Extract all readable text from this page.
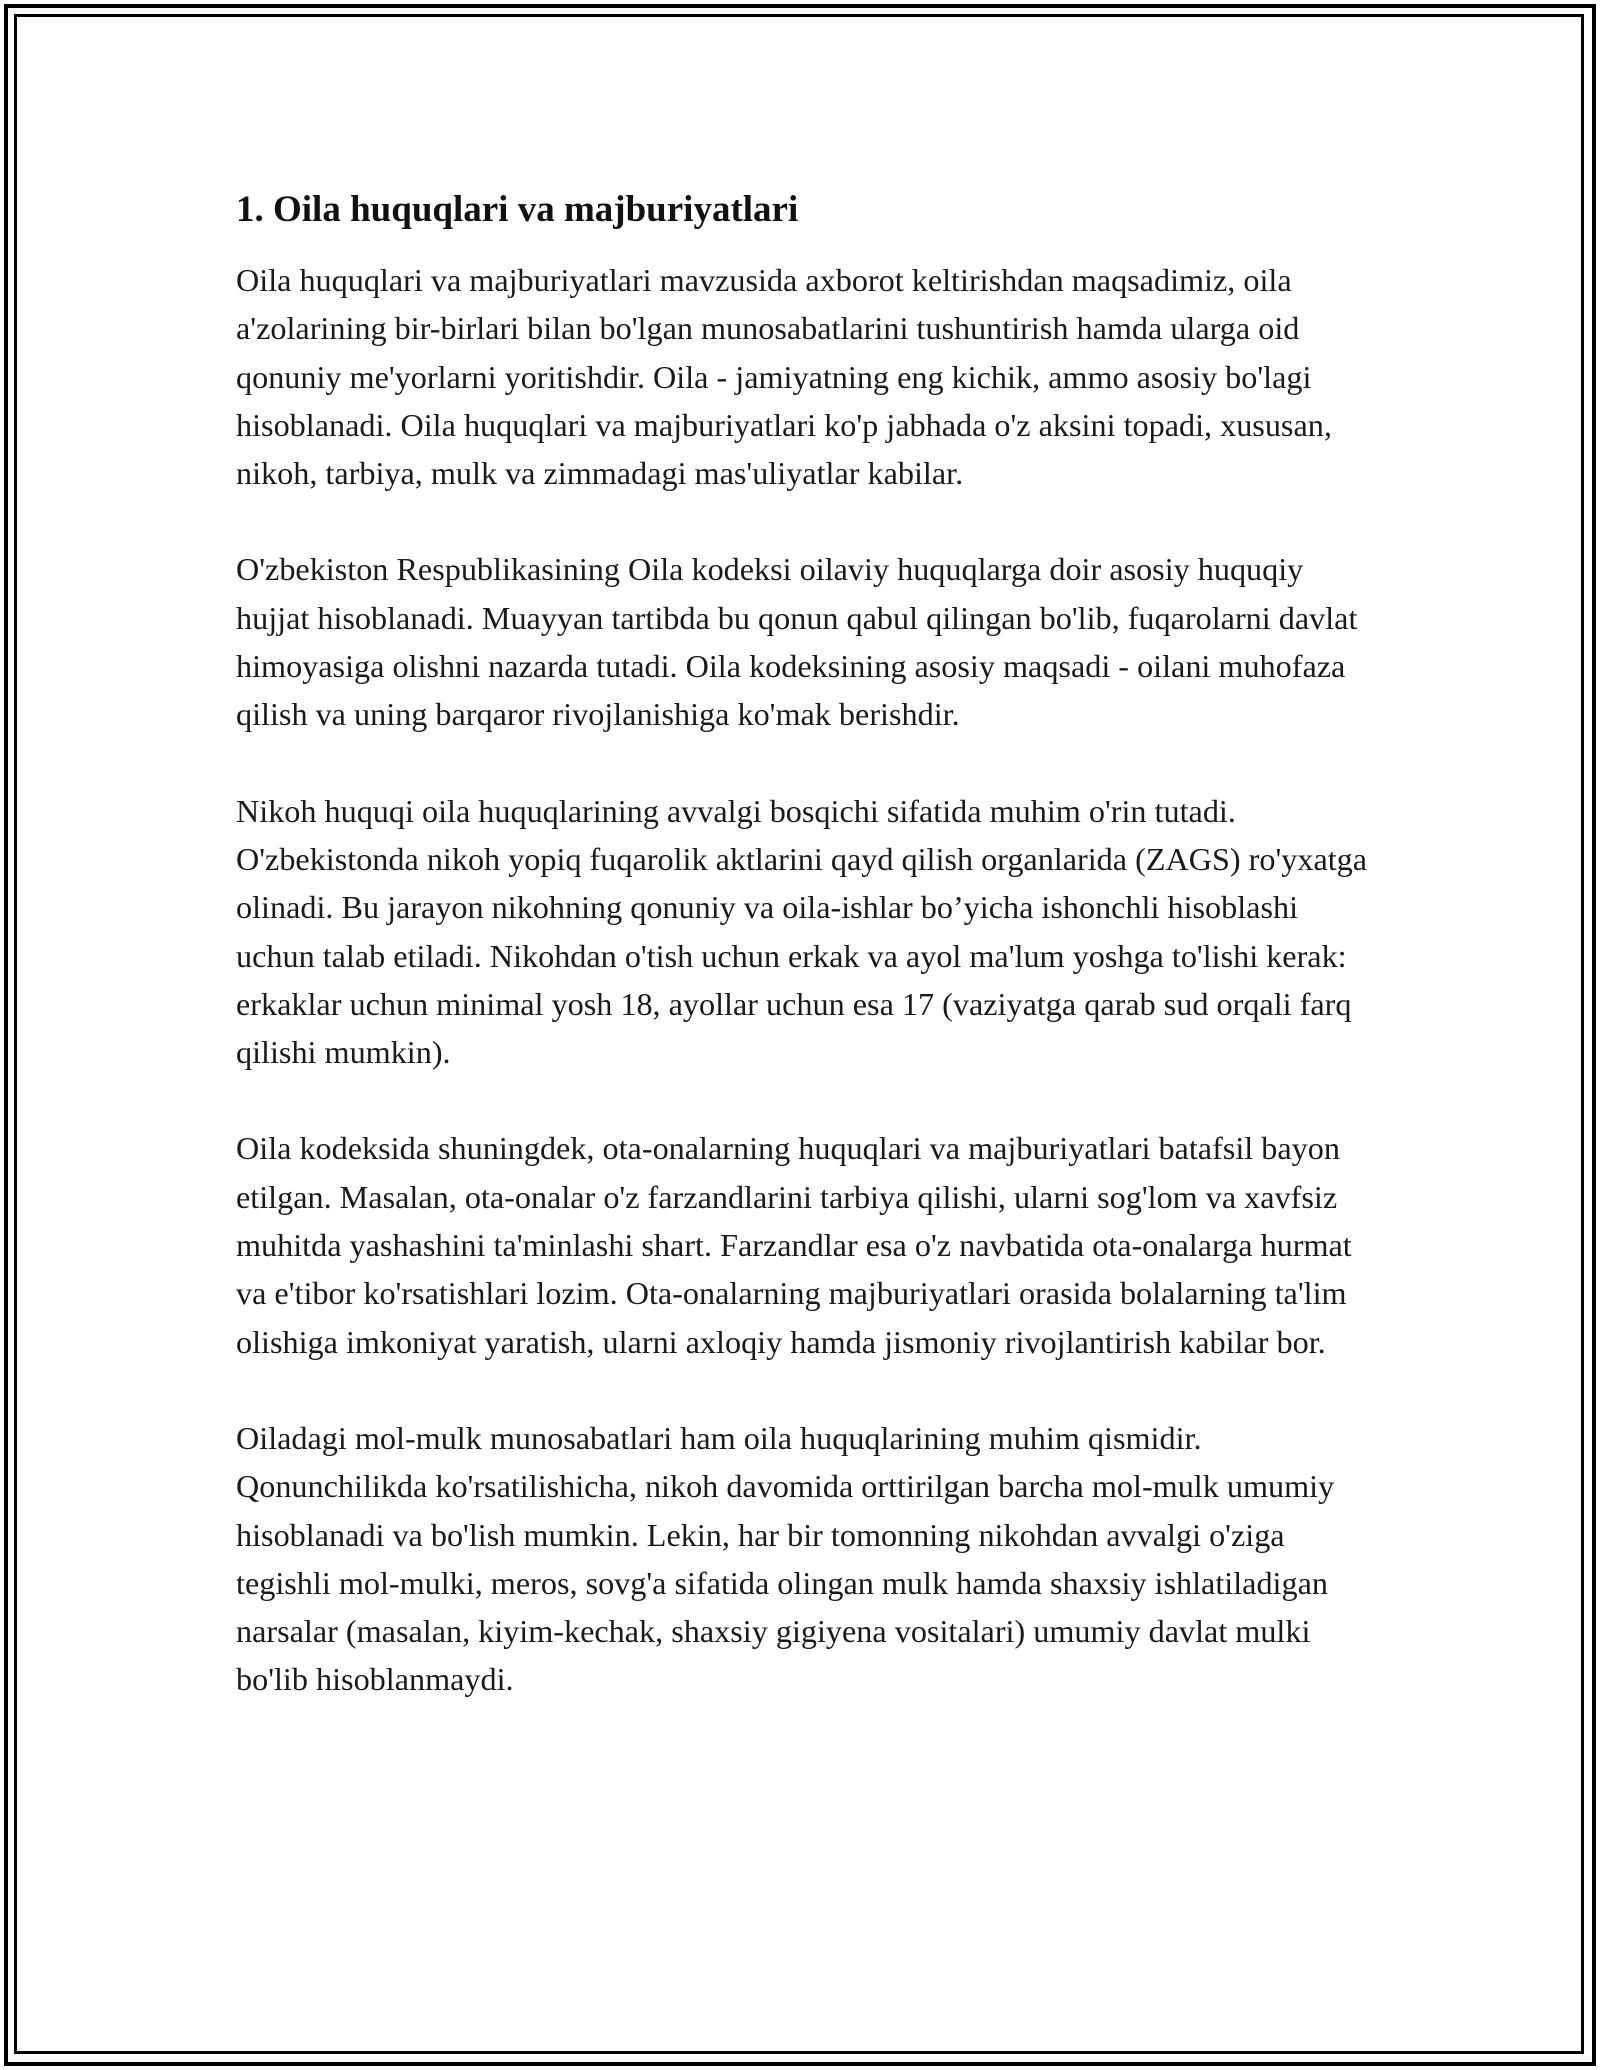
1. Oila huquqlari va majburiyatlari

Oila huquqlari va majburiyatlari mavzusida axborot keltirishdan maqsadimiz, oila a'zolarining bir-birlari bilan bo'lgan munosabatlarini tushuntirish hamda ularga oid qonuniy me'yorlarni yoritishdir. Oila - jamiyatning eng kichik, ammo asosiy bo'lagi hisoblanadi. Oila huquqlari va majburiyatlari ko'p jabhada o'z aksini topadi, xususan, nikoh, tarbiya, mulk va zimmadagi mas'uliyatlar kabilar.

O'zbekiston Respublikasining Oila kodeksi oilaviy huquqlarga doir asosiy huquqiy hujjat hisoblanadi. Muayyan tartibda bu qonun qabul qilingan bo'lib, fuqarolarni davlat himoyasiga olishni nazarda tutadi. Oila kodeksining asosiy maqsadi - oilani muhofaza qilish va uning barqaror rivojlanishiga ko'mak berishdir.

Nikoh huquqi oila huquqlarining avvalgi bosqichi sifatida muhim o'rin tutadi. O'zbekistonda nikoh yopiq fuqarolik aktlarini qayd qilish organlarida (ZAGS) ro'yxatga olinadi. Bu jarayon nikohning qonuniy va oila-ishlar bo’yicha ishonchli hisoblashi uchun talab etiladi. Nikohdan o'tish uchun erkak va ayol ma'lum yoshga to'lishi kerak: erkaklar uchun minimal yosh 18, ayollar uchun esa 17 (vaziyatga qarab sud orqali farq qilishi mumkin).

Oila kodeksida shuningdek, ota-onalarning huquqlari va majburiyatlari batafsil bayon etilgan. Masalan, ota-onalar o'z farzandlarini tarbiya qilishi, ularni sog'lom va xavfsiz muhitda yashashini ta'minlashi shart. Farzandlar esa o'z navbatida ota-onalarga hurmat va e'tibor ko'rsatishlari lozim. Ota-onalarning majburiyatlari orasida bolalarning ta'lim olishiga imkoniyat yaratish, ularni axloqiy hamda jismoniy rivojlantirish kabilar bor.

Oiladagi mol-mulk munosabatlari ham oila huquqlarining muhim qismidir. Qonunchilikda ko'rsatilishicha, nikoh davomida orttirilgan barcha mol-mulk umumiy hisoblanadi va bo'lish mumkin. Lekin, har bir tomonning nikohdan avvalgi o'ziga tegishli mol-mulki, meros, sovg'a sifatida olingan mulk hamda shaxsiy ishlatiladigan narsalar (masalan, kiyim-kechak, shaxsiy gigiyena vositalari) umumiy davlat mulki bo'lib hisoblanmaydi.
